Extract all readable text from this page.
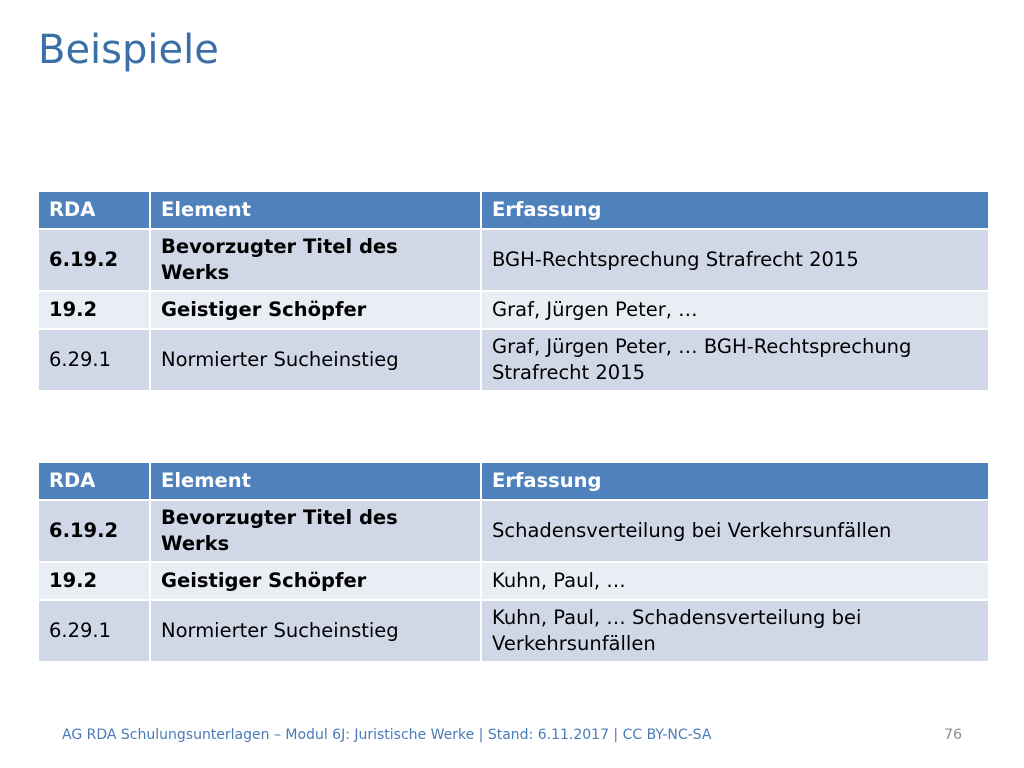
Beispiele
RDA	Element	Erfassung
6.19.2	Bevorzugter Titel des Werks	BGH-Rechtsprechung Strafrecht 2015
19.2	Geistiger Schöpfer	Graf, Jürgen Peter, …
6.29.1	Normierter Sucheinstieg	Graf, Jürgen Peter, … BGH-Rechtsprechung Strafrecht 2015
RDA	Element	Erfassung
6.19.2	Bevorzugter Titel des Werks	Schadensverteilung bei Verkehrsunfällen
19.2	Geistiger Schöpfer	Kuhn, Paul, …
6.29.1	Normierter Sucheinstieg	Kuhn, Paul, … Schadensverteilung bei Verkehrsunfällen
AG RDA Schulungsunterlagen – Modul 6J: Juristische Werke | Stand: 6.11.2017 | CC BY-NC-SA	76
